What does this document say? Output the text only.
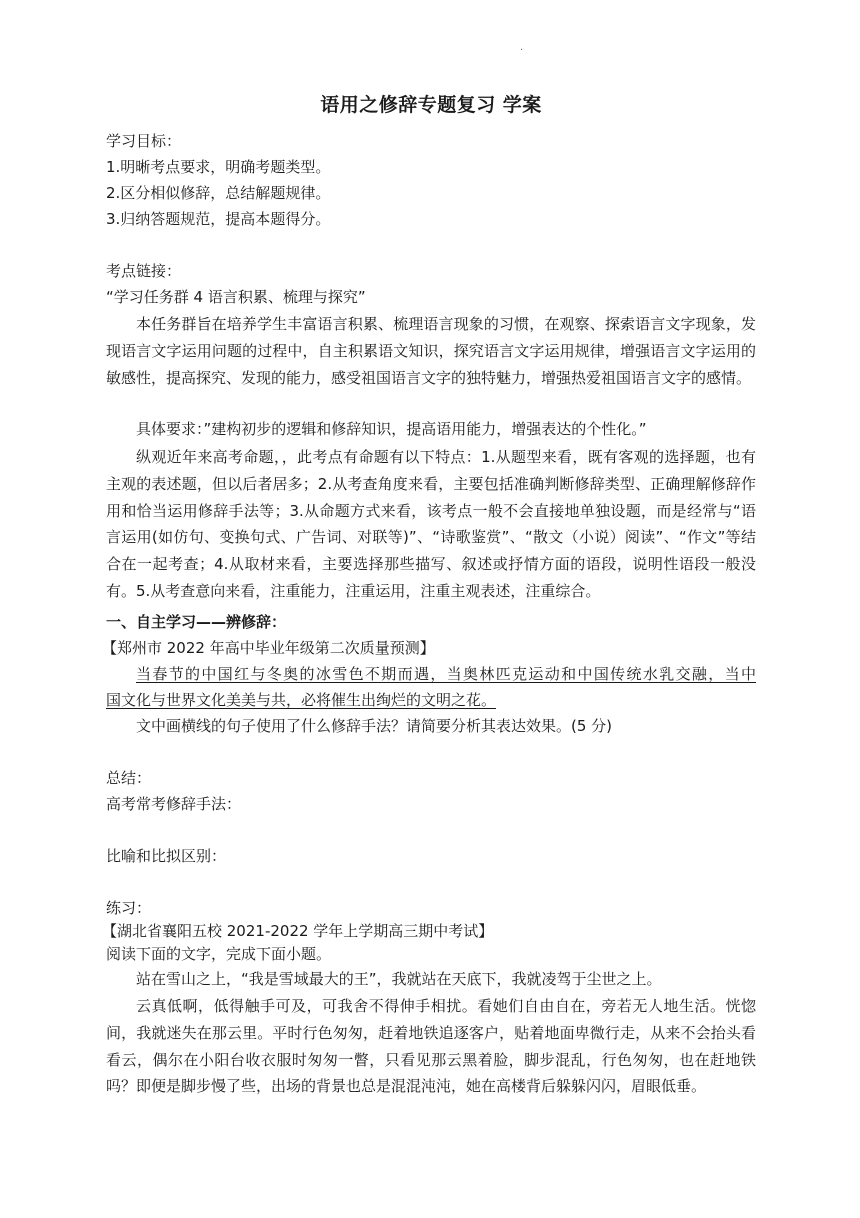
.
语用之修辞专题复习 学案
学习目标：
1.明晰考点要求，明确考题类型。
2.区分相似修辞，总结解题规律。
3.归纳答题规范，提高本题得分。
考点链接：
“学习任务群 4 语言积累、梳理与探究”
本任务群旨在培养学生丰富语言积累、梳理语言现象的习惯，在观察、探索语言文字现象，发现语言文字运用问题的过程中，自主积累语文知识，探究语言文字运用规律，增强语言文字运用的敏感性，提高探究、发现的能力，感受祖国语言文字的独特魅力，增强热爱祖国语言文字的感情。
具体要求：”建构初步的逻辑和修辞知识，提高语用能力，增强表达的个性化。”
纵观近年来高考命题，，此考点有命题有以下特点：1.从题型来看，既有客观的选择题，也有主观的表述题，但以后者居多；2.从考查角度来看，主要包括准确判断修辞类型、正确理解修辞作用和恰当运用修辞手法等；3.从命题方式来看，该考点一般不会直接地单独设题，而是经常与“语言运用(如仿句、变换句式、广告词、对联等)”、“诗歌鉴赏”、“散文（小说）阅读”、“作文”等结合在一起考查；4.从取材来看，主要选择那些描写、叙述或抒情方面的语段，说明性语段一般没有。5.从考查意向来看，注重能力，注重运用，注重主观表述，注重综合。
一、自主学习——辨修辞：
【郑州市 2022 年高中毕业年级第二次质量预测】
当春节的中国红与冬奥的冰雪色不期而遇，当奥林匹克运动和中国传统水乳交融，当中
国文化与世界文化美美与共，必将催生出绚烂的文明之花。
文中画横线的句子使用了什么修辞手法？请简要分析其表达效果。(5 分)
总结：
高考常考修辞手法：
比喻和比拟区别：
练习：
【湖北省襄阳五校 2021-2022 学年上学期高三期中考试】
阅读下面的文字，完成下面小题。
站在雪山之上，“我是雪域最大的王”，我就站在天底下，我就凌驾于尘世之上。
云真低啊，低得触手可及，可我舍不得伸手相扰。看她们自由自在，旁若无人地生活。恍惚间，我就迷失在那云里。平时行色匆匆，赶着地铁追逐客户，贴着地面卑微行走，从来不会抬头看看云，偶尔在小阳台收衣服时匆匆一瞥，只看见那云黑着脸，脚步混乱，行色匆匆，也在赶地铁吗？即便是脚步慢了些，出场的背景也总是混混沌沌，她在高楼背后躲躲闪闪，眉眼低垂。
